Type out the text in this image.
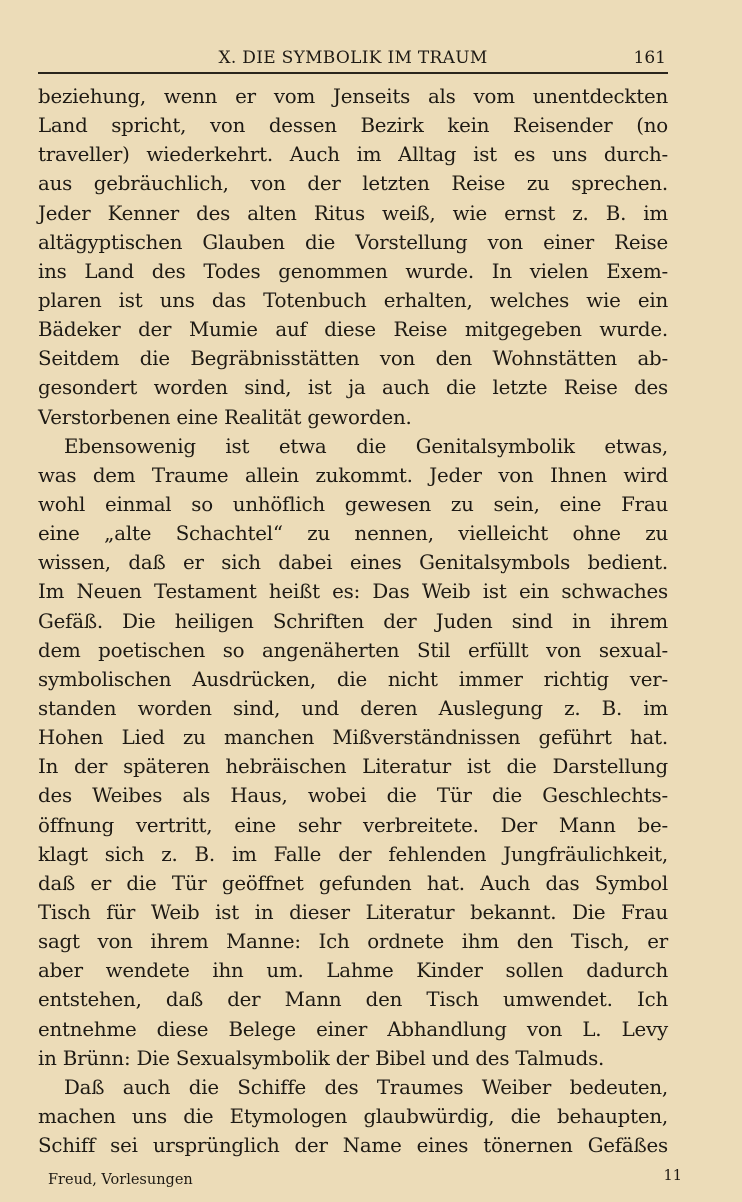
X. DIE SYMBOLIK IM TRAUM	161
beziehung, wenn er vom Jenseits als vom unentdeckten
Land spricht, von dessen Bezirk kein Reisender (no
traveller) wiederkehrt. Auch im Alltag ist es uns durch-
aus gebräuchlich, von der letzten Reise zu sprechen.
Jeder Kenner des alten Ritus weiß, wie ernst z. B. im
altägyptischen Glauben die Vorstellung von einer Reise
ins Land des Todes genommen wurde. In vielen Exem-
plaren ist uns das Totenbuch erhalten, welches wie ein
Bädeker der Mumie auf diese Reise mitgegeben wurde.
Seitdem die Begräbnisstätten von den Wohnstätten ab-
gesondert worden sind, ist ja auch die letzte Reise des
Verstorbenen eine Realität geworden.
Ebensowenig ist etwa die Genitalsymbolik etwas,
was dem Traume allein zukommt. Jeder von Ihnen wird
wohl einmal so unhöflich gewesen zu sein, eine Frau
eine „alte Schachtel“ zu nennen, vielleicht ohne zu
wissen, daß er sich dabei eines Genitalsymbols bedient.
Im Neuen Testament heißt es: Das Weib ist ein schwaches
Gefäß. Die heiligen Schriften der Juden sind in ihrem
dem poetischen so angenäherten Stil erfüllt von sexual-
symbolischen Ausdrücken, die nicht immer richtig ver-
standen worden sind, und deren Auslegung z. B. im
Hohen Lied zu manchen Mißverständnissen geführt hat.
In der späteren hebräischen Literatur ist die Darstellung
des Weibes als Haus, wobei die Tür die Geschlechts-
öffnung vertritt, eine sehr verbreitete. Der Mann be-
klagt sich z. B. im Falle der fehlenden Jungfräulichkeit,
daß er die Tür geöffnet gefunden hat. Auch das Symbol
Tisch für Weib ist in dieser Literatur bekannt. Die Frau
sagt von ihrem Manne: Ich ordnete ihm den Tisch, er
aber wendete ihn um. Lahme Kinder sollen dadurch
entstehen, daß der Mann den Tisch umwendet. Ich
entnehme diese Belege einer Abhandlung von L. Levy
in Brünn: Die Sexualsymbolik der Bibel und des Talmuds.
Daß auch die Schiffe des Traumes Weiber bedeuten,
machen uns die Etymologen glaubwürdig, die behaupten,
Schiff sei ursprünglich der Name eines tönernen Gefäßes
Freud, Vorlesungen	11
